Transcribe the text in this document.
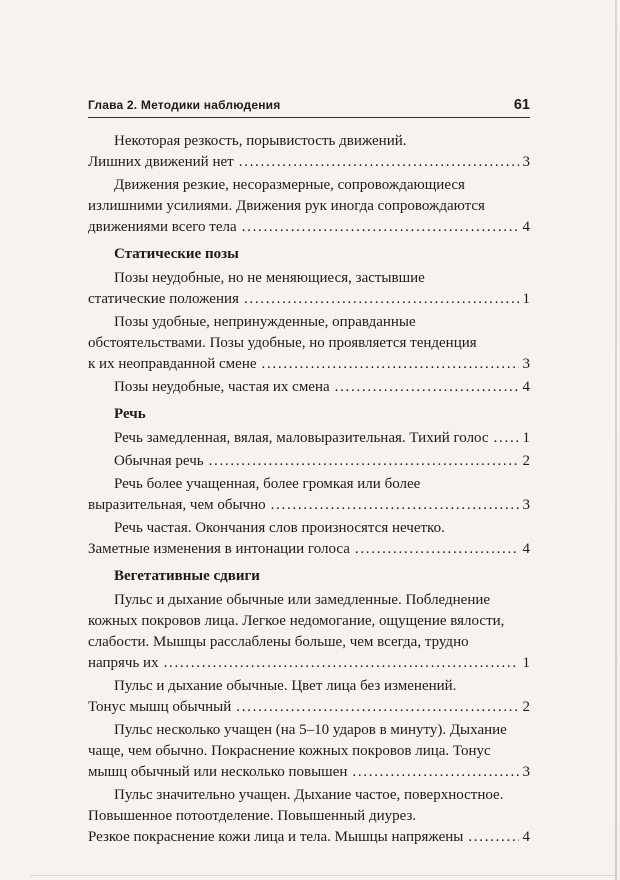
Глава 2. Методики наблюдения	61
Некоторая резкость, порывистость движений.
Лишних движений нет .....	3
Движения резкие, несоразмерные, сопровождающиеся
излишними усилиями. Движения рук иногда сопровождаются
движениями всего тела .....	4
Статические позы
Позы неудобные, но не меняющиеся, застывшие
статические положения .....	1
Позы удобные, непринужденные, оправданные
обстоятельствами. Позы удобные, но проявляется тенденция
к их неоправданной смене .....	3
Позы неудобные, частая их смена .....	4
Речь
Речь замедленная, вялая, маловыразительная. Тихий голос ..... 1
Обычная речь .....	2
Речь более учащенная, более громкая или более
выразительная, чем обычно .....	3
Речь частая. Окончания слов произносятся нечетко.
Заметные изменения в интонации голоса .....	4
Вегетативные сдвиги
Пульс и дыхание обычные или замедленные. Побледнение
кожных покровов лица. Легкое недомогание, ощущение вялости,
слабости. Мышцы расслаблены больше, чем всегда, трудно
напрячь их .....	1
Пульс и дыхание обычные. Цвет лица без изменений.
Тонус мышц обычный .....	2
Пульс несколько учащен (на 5–10 ударов в минуту). Дыхание
чаще, чем обычно. Покраснение кожных покровов лица. Тонус
мышц обычный или несколько повышен .....	3
Пульс значительно учащен. Дыхание частое, поверхностное.
Повышенное потоотделение. Повышенный диурез.
Резкое покраснение кожи лица и тела. Мышцы напряжены .....	4
